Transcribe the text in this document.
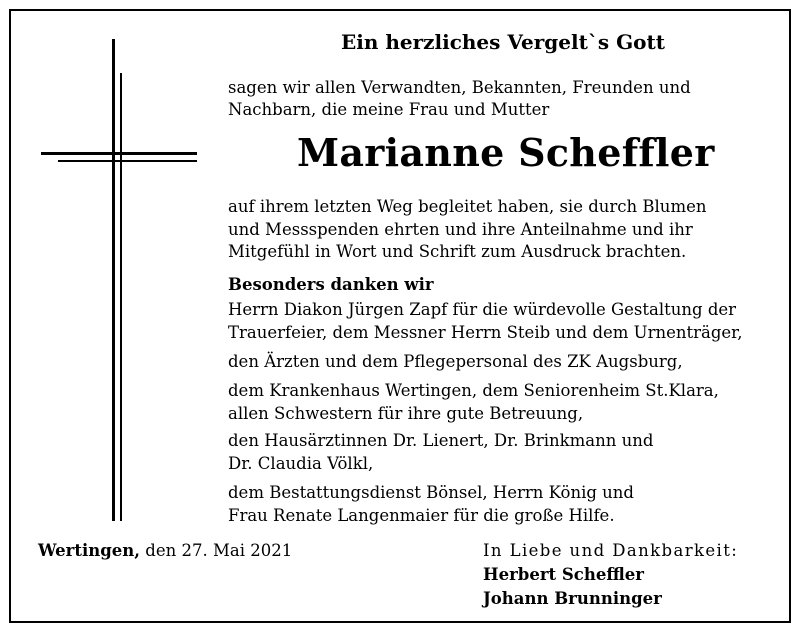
Ein herzliches Vergelt`s Gott
sagen wir allen Verwandten, Bekannten, Freunden und
Nachbarn, die meine Frau und Mutter
Marianne Scheffler
auf ihrem letzten Weg begleitet haben, sie durch Blumen
und Messspenden ehrten und ihre Anteilnahme und ihr
Mitgefühl in Wort und Schrift zum Ausdruck brachten.
Besonders danken wir
Herrn Diakon Jürgen Zapf für die würdevolle Gestaltung der
Trauerfeier, dem Messner Herrn Steib und dem Urnenträger,
den Ärzten und dem Pflegepersonal des ZK Augsburg,
dem Krankenhaus Wertingen, dem Seniorenheim St.Klara,
allen Schwestern für ihre gute Betreuung,
den Hausärztinnen Dr. Lienert, Dr. Brinkmann und
Dr. Claudia Völkl,
dem Bestattungsdienst Bönsel, Herrn König und
Frau Renate Langenmaier für die große Hilfe.
Wertingen, den 27. Mai 2021	In Liebe und Dankbarkeit:
Herbert Scheffler
Johann Brunninger
